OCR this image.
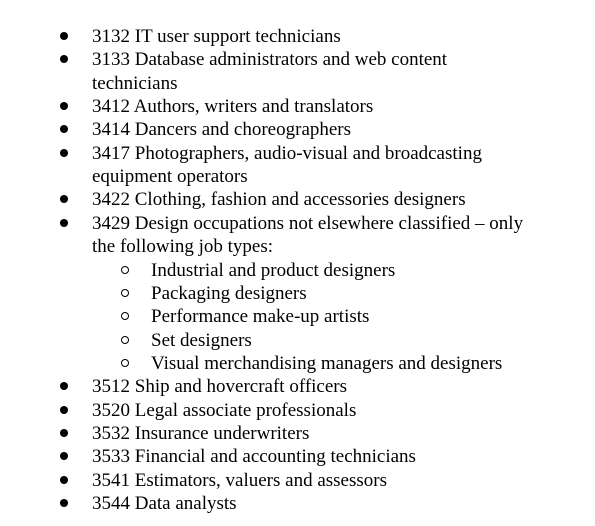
3132 IT user support technicians
3133 Database administrators and web content
technicians
3412 Authors, writers and translators
3414 Dancers and choreographers
3417 Photographers, audio-visual and broadcasting
equipment operators
3422 Clothing, fashion and accessories designers
3429 Design occupations not elsewhere classified – only
the following job types:
Industrial and product designers
Packaging designers
Performance make-up artists
Set designers
Visual merchandising managers and designers
3512 Ship and hovercraft officers
3520 Legal associate professionals
3532 Insurance underwriters
3533 Financial and accounting technicians
3541 Estimators, valuers and assessors
3544 Data analysts
